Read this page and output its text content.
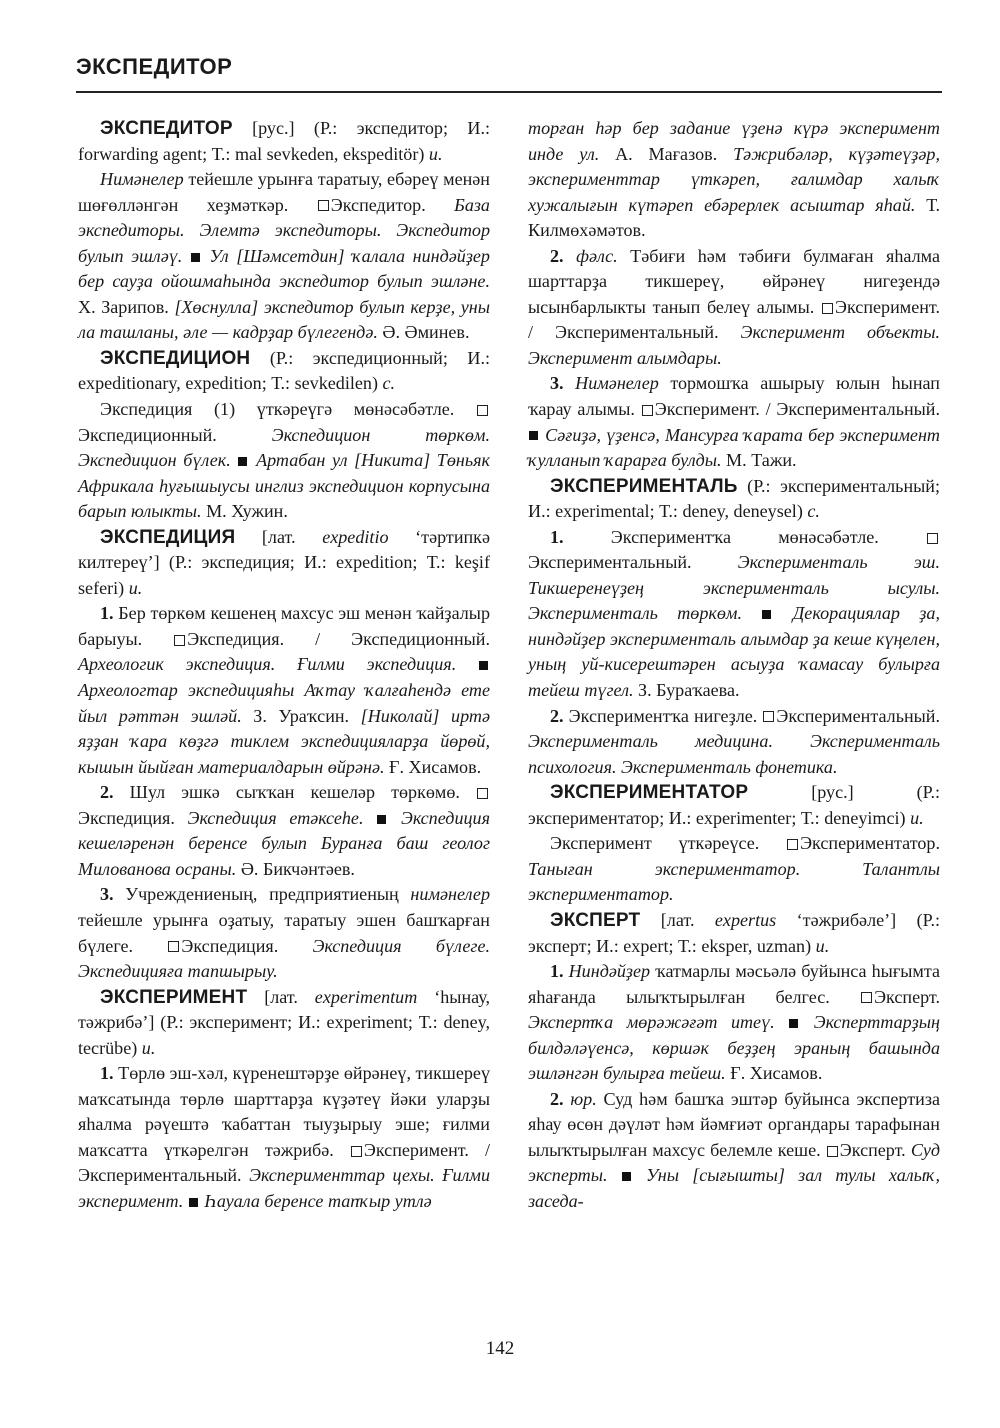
ЭКСПЕДИТОР

ЭКСПЕДИТОР [рус.] (Р.: экспедитор; И.: forwarding agent; Т.: mal sevkeden, ekspeditör) и.

Нимәнелер тейешле урынға таратыу, ебәреү менән шөғөлләнгән хеҙмәткәр. Экспедитор. База экспедиторы. Элемтә экспедиторы. Экспедитор булып эшләү.  Ул [Шәмсетдин] ҡалала ниндәйҙер бер сауҙа ойошмаһында экспедитор булып эшләне. Х. Зарипов. [Хөснулла] экспедитор булып керҙе, уны ла ташланы, әле — кадрҙар бүлегендә. Ә. Әминев.

ЭКСПЕДИЦИОН (Р.: экспедиционный; И.: expeditionary, expedition; Т.: sevkedilen) с.

Экспедиция (1) үткәреүгә мөнәсәбәтле. Экспедиционный. Экспедицион төркөм. Экспедицион бүлек.  Артабан ул [Никита] Төньяк Африкала һуғышыусы инглиз экспедицион корпусына барып юлыкты. М. Хужин.

ЭКСПЕДИЦИЯ [лат. expeditio ‘тәртипкә килтереү’] (Р.: экспедиция; И.: expedition; Т.: keşif seferi) и.

1. Бер төркөм кешенең махсус эш менән ҡайҙалыр барыуы. Экспедиция. / Экспедиционный. Археологик экспедиция. Ғилми экспедиция.  Археологтар экспедицияһы Аҡтау ҡалғаһендә ете йыл рәттән эшләй. З. Ураҡсин. [Николай] иртә яҙҙан ҡара көҙгә тиклем экспедицияларҙа йөрөй, кышын йыйған материалдарын өйрәнә. Ғ. Хисамов.

2. Шул эшкә сыҡҡан кешеләр төркөмө. Экспедиция. Экспедиция етәксеһе.  Экспедиция кешеләренән беренсе булып Буранға баш геолог Милованова осраны. Ә. Бикчәнтәев.

3. Учреждениеның, предприятиеның нимәнелер тейешле урынға оҙатыу, таратыу эшен башҡарған бүлеге. Экспедиция. Экспедиция бүлеге. Экспедицияға тапшырыу.

ЭКСПЕРИМЕНТ [лат. experimentum ‘һынау, тәжрибә’] (Р.: эксперимент; И.: experiment; Т.: deney, tecrübe) и.

1. Төрлө эш-хәл, күренештәрҙе өйрәнеү, тикшереү маҡсатында төрлө шарттарҙа күҙәтеү йәки уларҙы яһалма рәүештә ҡабаттан тыуҙырыу эше; ғилми маҡсатта үткәрелгән тәжрибә. Эксперимент. / Экспериментальный. Эксперименттар цехы. Ғилми эксперимент.  Һауала беренсе тапҡыр утлә

торған һәр бер задание үҙенә күрә эксперимент инде ул. А. Мағазов. Тәжрибәләр, күҙәтеүҙәр, эксперименттар үткәреп, ғалимдар халыҡ хужалығын күтәреп ебәрерлек асыштар яһай. Т. Килмөхәмәтов.

2. фәлс. Тәбиғи һәм тәбиғи булмаған яһалма шарттарҙа тикшереү, өйрәнеү нигеҙендә ысынбарлыкты танып белеү алымы. Эксперимент. / Экспериментальный. Эксперимент объекты. Эксперимент алымдары.

3. Нимәнелер тормошҡа ашырыу юлын һынап ҡарау алымы. Эксперимент. / Экспериментальный.  Сәғиҙә, үҙенсә, Мансурға ҡарата бер эксперимент ҡулланып ҡарарға булды. М. Тажи.

ЭКСПЕРИМЕНТАЛЬ (Р.: экспериментальный; И.: experimental; Т.: deney, deneysel) с.

1. Экспериментҡа мөнәсәбәтле. Экспериментальный. Эксперименталь эш. Тикшеренеүҙең эксперименталь ысулы. Эксперименталь төркөм.  Декорациялар ҙа, ниндәйҙер эксперименталь алымдар ҙа кеше күңелен, уның уй-кисерештәрен асыуҙа ҡамасау булырға тейеш түгел. З. Бураҡаева.

2. Экспериментҡа нигеҙле. Экспериментальный. Эксперименталь медицина. Эксперименталь психология. Эксперименталь фонетика.

ЭКСПЕРИМЕНТАТОР [рус.] (Р.: экспериментатор; И.: experimenter; Т.: deneyimci) и.

Эксперимент үткәреүсе. Экспериментатор. Таныған экспериментатор. Талантлы экспериментатор.

ЭКСПЕРТ [лат. expertus ‘тәжрибәле’] (Р.: эксперт; И.: expert; Т.: eksper, uzman) и.

1. Ниндәйҙер ҡатмарлы мәсьәлә буйынса һығымта яһағанда ылыҡтырылған белгес. Эксперт. Экспертҡа мөрәжәғәт итеү.  Эксперттарҙың билдәләүенсә, көршәк беҙҙең эраның башында эшләнгән булырға тейеш. Ғ. Хисамов.

2. юр. Суд һәм башҡа эштәр буйынса экспертиза яһау өсөн дәүләт һәм йәмғиәт органдары тарафынан ылыҡтырылған махсус белемле кеше. Эксперт. Суд эксперты.  Уны [сығышты] зал тулы халыҡ, заседа-

142
